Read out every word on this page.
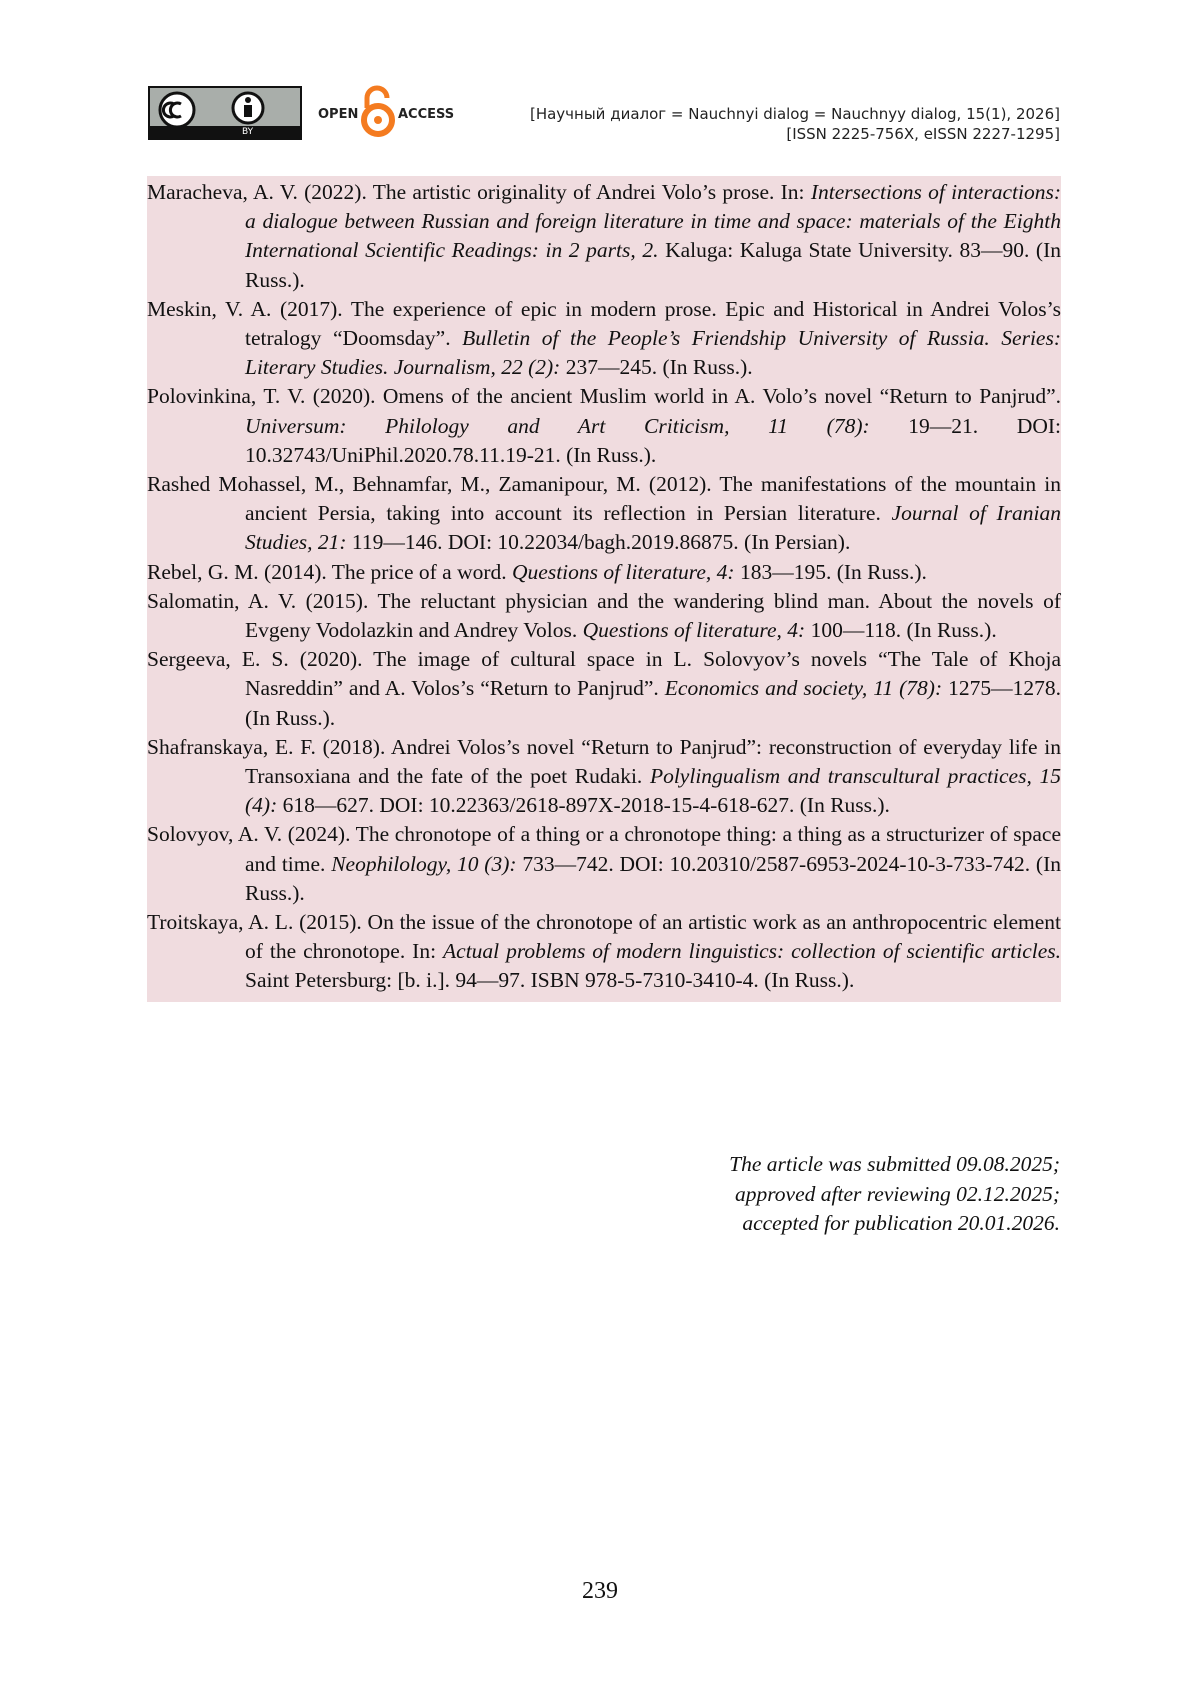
BY
OPEN	ACCESS	[Научный диалог = Nauchnyi dialog = Nauchnyy dialog, 15(1), 2026]
[ISSN 2225-756X, eISSN 2227-1295]

Maracheva, A. V. (2022). The artistic originality of Andrei Volo’s prose. In: Intersections of interactions: a dialogue between Russian and foreign literature in time and space: materials of the Eighth International Scientific Readings: in 2 parts, 2. Kaluga: Kaluga State University. 83—90. (In Russ.).

Meskin, V. A. (2017). The experience of epic in modern prose. Epic and Historical in Andrei Volos’s tetralogy “Doomsday”. Bulletin of the People’s Friendship University of Russia. Series: Literary Studies. Journalism, 22 (2): 237—245. (In Russ.).

Polovinkina, T. V. (2020). Omens of the ancient Muslim world in A. Volo’s novel “Return to Panjrud”. Universum: Philology and Art Criticism, 11 (78): 19—21. DOI: 10.32743/UniPhil.2020.78.11.19-21. (In Russ.).

Rashed Mohassel, M., Behnamfar, M., Zamanipour, M. (2012). The manifestations of the mountain in ancient Persia, taking into account its reflection in Persian literature. Journal of Iranian Studies, 21: 119—146. DOI: 10.22034/bagh.2019.86875. (In Persian).

Rebel, G. M. (2014). The price of a word. Questions of literature, 4: 183—195. (In Russ.).

Salomatin, A. V. (2015). The reluctant physician and the wandering blind man. About the novels of Evgeny Vodolazkin and Andrey Volos. Questions of literature, 4: 100—118. (In Russ.).

Sergeeva, E. S. (2020). The image of cultural space in L. Solovyov’s novels “The Tale of Khoja Nasreddin” and A. Volos’s “Return to Panjrud”. Economics and society, 11 (78): 1275—1278. (In Russ.).

Shafranskaya, E. F. (2018). Andrei Volos’s novel “Return to Panjrud”: reconstruction of everyday life in Transoxiana and the fate of the poet Rudaki. Polylingualism and transcultural practices, 15 (4): 618—627. DOI: 10.22363/2618-897X-2018-15-4-618-627. (In Russ.).

Solovyov, A. V. (2024). The chronotope of a thing or a chronotope thing: a thing as a structurizer of space and time. Neophilology, 10 (3): 733—742. DOI: 10.20310/2587-6953-2024-10-3-733-742. (In Russ.).

Troitskaya, A. L. (2015). On the issue of the chronotope of an artistic work as an anthropocentric element of the chronotope. In: Actual problems of modern linguistics: collection of scientific articles. Saint Petersburg: [b. i.]. 94—97. ISBN 978-5-7310-3410-4. (In Russ.).

The article was submitted 09.08.2025;
approved after reviewing 02.12.2025;
accepted for publication 20.01.2026.
239
